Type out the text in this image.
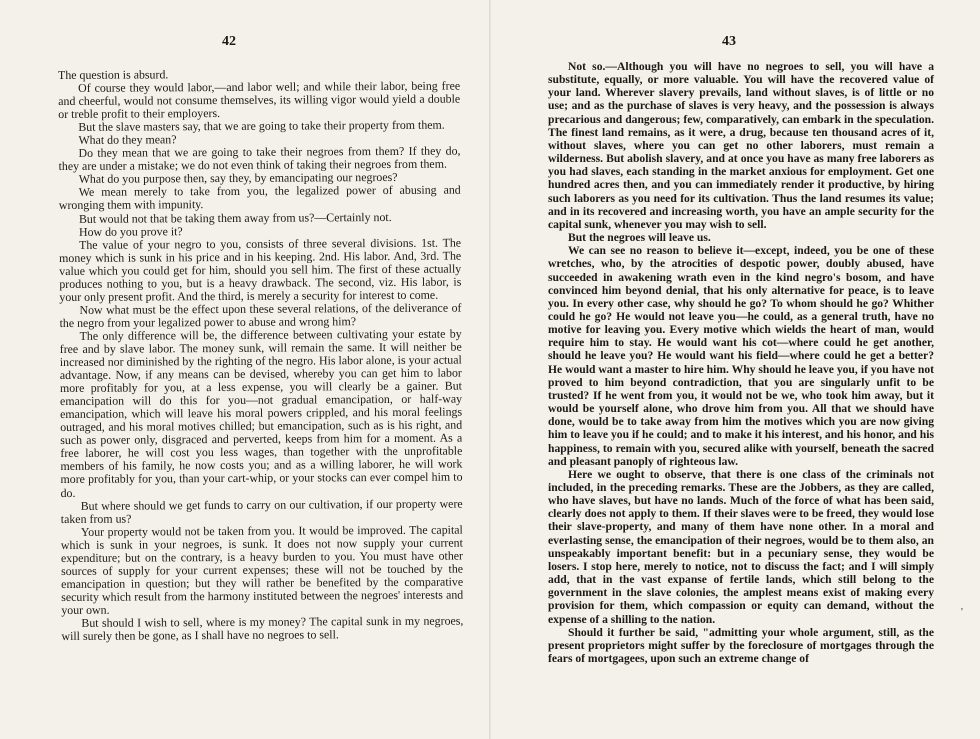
42

The question is absurd.

Of course they would labor,—and labor well; and while their labor, being free and cheerful, would not consume themselves, its willing vigor would yield a double or treble profit to their employers.

But the slave masters say, that we are going to take their property from them.

What do they mean?

Do they mean that we are going to take their negroes from them? If they do, they are under a mistake; we do not even think of taking their negroes from them.

What do you purpose then, say they, by emancipating our negroes?

We mean merely to take from you, the legalized power of abusing and wronging them with impunity.

But would not that be taking them away from us?—Certainly not.

How do you prove it?

The value of your negro to you, consists of three several divisions. 1st. The money which is sunk in his price and in his keeping. 2nd. His labor. And, 3rd. The value which you could get for him, should you sell him. The first of these actually produces nothing to you, but is a heavy drawback. The second, viz. His labor, is your only present profit. And the third, is merely a security for interest to come.

Now what must be the effect upon these several relations, of the deliverance of the negro from your legalized power to abuse and wrong him?

The only difference will be, the difference between cultivating your estate by free and by slave labor. The money sunk, will remain the same. It will neither be increased nor diminished by the righting of the negro. His labor alone, is your actual advantage. Now, if any means can be devised, whereby you can get him to labor more profitably for you, at a less expense, you will clearly be a gainer. But emancipation will do this for you—not gradual emancipation, or half-way emancipation, which will leave his moral powers crippled, and his moral feelings outraged, and his moral motives chilled; but emancipation, such as is his right, and such as power only, disgraced and perverted, keeps from him for a moment. As a free laborer, he will cost you less wages, than together with the unprofitable members of his family, he now costs you; and as a willing laborer, he will work more profitably for you, than your cart-whip, or your stocks can ever compel him to do.

But where should we get funds to carry on our cultivation, if our property were taken from us?

Your property would not be taken from you. It would be improved. The capital which is sunk in your negroes, is sunk. It does not now supply your current expenditure; but on the contrary, is a heavy burden to you. You must have other sources of supply for your current expenses; these will not be touched by the emancipation in question; but they will rather be benefited by the comparative security which result from the harmony instituted between the negroes' interests and your own.

But should I wish to sell, where is my money? The capital sunk in my negroes, will surely then be gone, as I shall have no negroes to sell.

43

Not so.—Although you will have no negroes to sell, you will have a substitute, equally, or more valuable. You will have the recovered value of your land. Wherever slavery prevails, land without slaves, is of little or no use; and as the purchase of slaves is very heavy, and the possession is always precarious and dangerous; few, comparatively, can embark in the speculation. The finest land remains, as it were, a drug, because ten thousand acres of it, without slaves, where you can get no other laborers, must remain a wilderness. But abolish slavery, and at once you have as many free laborers as you had slaves, each standing in the market anxious for employment. Get one hundred acres then, and you can immediately render it productive, by hiring such laborers as you need for its cultivation. Thus the land resumes its value; and in its recovered and increasing worth, you have an ample security for the capital sunk, whenever you may wish to sell.

But the negroes will leave us.

We can see no reason to believe it—except, indeed, you be one of these wretches, who, by the atrocities of despotic power, doubly abused, have succeeded in awakening wrath even in the kind negro's bosom, and have convinced him beyond denial, that his only alternative for peace, is to leave you. In every other case, why should he go? To whom should he go? Whither could he go? He would not leave you—he could, as a general truth, have no motive for leaving you. Every motive which wields the heart of man, would require him to stay. He would want his cot—where could he get another, should he leave you? He would want his field—where could he get a better? He would want a master to hire him. Why should he leave you, if you have not proved to him beyond contradiction, that you are singularly unfit to be trusted? If he went from you, it would not be we, who took him away, but it would be yourself alone, who drove him from you. All that we should have done, would be to take away from him the motives which you are now giving him to leave you if he could; and to make it his interest, and his honor, and his happiness, to remain with you, secured alike with yourself, beneath the sacred and pleasant panoply of righteous law.

Here we ought to observe, that there is one class of the criminals not included, in the preceding remarks. These are the Jobbers, as they are called, who have slaves, but have no lands. Much of the force of what has been said, clearly does not apply to them. If their slaves were to be freed, they would lose their slave-property, and many of them have none other. In a moral and everlasting sense, the emancipation of their negroes, would be to them also, an unspeakably important benefit: but in a pecuniary sense, they would be losers. I stop here, merely to notice, not to discuss the fact; and I will simply add, that in the vast expanse of fertile lands, which still belong to the government in the slave colonies, the amplest means exist of making every provision for them, which compassion or equity can demand, without the expense of a shilling to the nation.

Should it further be said, "admitting your whole argument, still, as the present proprietors might suffer by the foreclosure of mortgages through the fears of mortgagees, upon such an extreme change of

’
